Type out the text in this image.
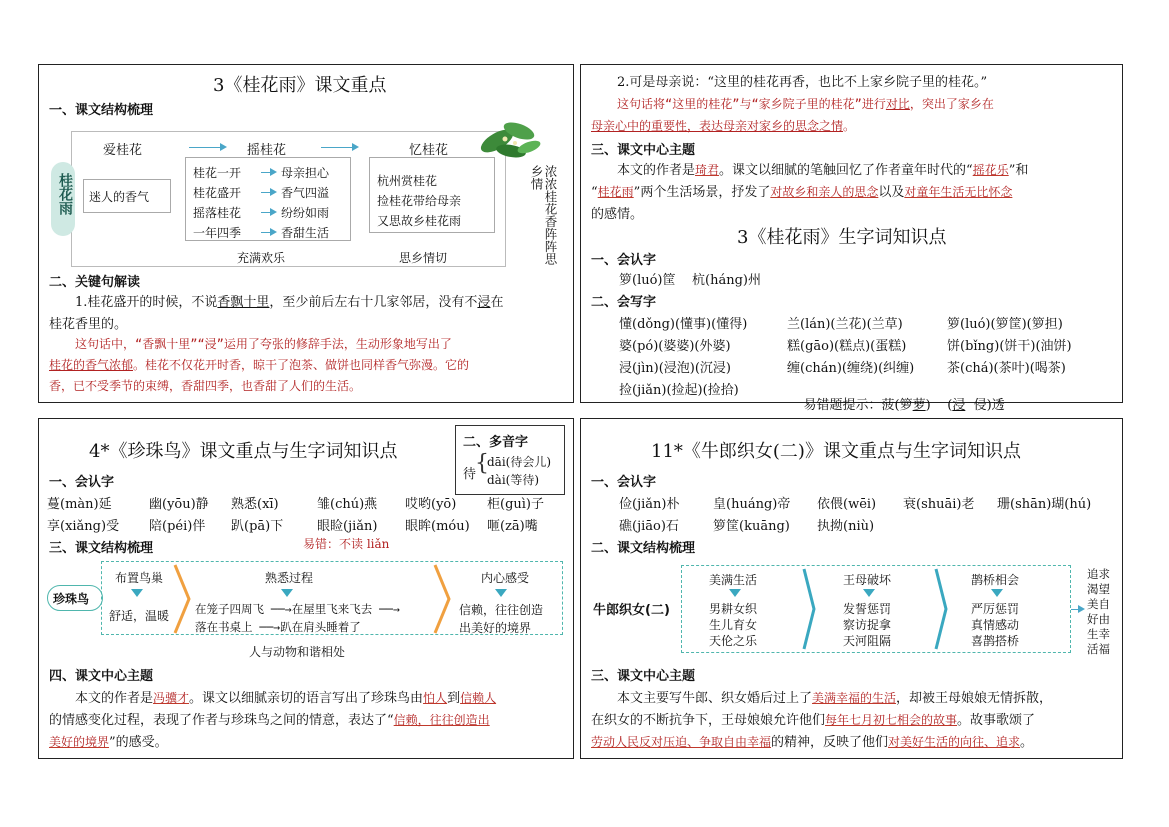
3《桂花雨》课文重点
一、课文结构梳理
桂花雨
爱桂花	摇桂花	忆桂花
迷人的香气
桂花一开
桂花盛开
摇落桂花
一年四季
母亲担心
香气四溢
纷纷如雨
香甜生活
杭州赏桂花
捡桂花带给母亲
又思故乡桂花雨
充满欢乐	思乡情切	浓浓桂花香阵阵思乡情
二、关键句解读
1.桂花盛开的时候，不说香飘十里，至少前后左右十几家邻居，没有不浸在
桂花香里的。
这句话中，“香飘十里”“浸”运用了夸张的修辞手法，生动形象地写出了
桂花的香气浓郁。桂花不仅花开时香，晾干了泡茶、做饼也同样香气弥漫。它的
香，已不受季节的束缚，香甜四季，也香甜了人们的生活。
2.可是母亲说：“这里的桂花再香，也比不上家乡院子里的桂花。”
这句话将“这里的桂花”与“家乡院子里的桂花”进行对比，突出了家乡在
母亲心中的重要性，表达母亲对家乡的思念之情。
三、课文中心主题
本文的作者是琦君。课文以细腻的笔触回忆了作者童年时代的“摇花乐”和
“桂花雨”两个生活场景，抒发了对故乡和亲人的思念以及对童年生活无比怀念
的感情。
3《桂花雨》生字词知识点
一、会认字
箩(luó)筐    杭(háng)州
二、会写字
懂(dǒng)(懂事)(懂得)	兰(lán)(兰花)(兰草)	箩(luó)(箩筐)(箩担)
婆(pó)(婆婆)(外婆)	糕(gāo)(糕点)(蛋糕)	饼(bǐng)(饼干)(油饼)
浸(jìn)(浸泡)(沉浸)	缠(chán)(缠绕)(纠缠)	茶(chá)(茶叶)(喝茶)
捡(jiǎn)(捡起)(捡拾)

易错题提示：菠(箩萝)    (浸  侵)透

4*《珍珠鸟》课文重点与生字词知识点	二、多音字
待
{
dāi(待会儿)
dài(等待)
一、会认字
蔓(màn)延	幽(yōu)静 熟悉(xī)	雏(chú)燕 哎哟(yō) 柜(guì)子
享(xiǎng)受 陪(péi)伴 趴(pā)下	眼睑(jiǎn) 眼眸(móu) 咂(zā)嘴
三、课文结构梳理	易错：不读 liǎn
珍珠鸟
布置鸟巢
舒适，温暖
熟悉过程
在笼子四周飞 ──→在屋里飞来飞去 ──→
落在书桌上 ──→趴在肩头睡着了
内心感受
信赖，往往创造
出美好的境界
人与动物和谐相处
四、课文中心主题
本文的作者是冯骥才。课文以细腻亲切的语言写出了珍珠鸟由怕人到信赖人
的情感变化过程，表现了作者与珍珠鸟之间的情意，表达了“信赖，往往创造出
美好的境界”的感受。
11*《牛郎织女(二)》课文重点与生字词知识点
一、会认字
俭(jiǎn)朴	皇(huáng)帝 依偎(wēi) 衰(shuāi)老 珊(shān)瑚(hú)
礁(jiāo)石	箩筐(kuāng) 执拗(niù)
二、课文结构梳理
牛郎织女(二)
美满生活
男耕女织
生儿育女
天伦之乐
王母破坏
发誓惩罚
察访捉拿
天河阻隔
鹊桥相会
严厉惩罚
真情感动
喜鹊搭桥
追求
渴望
美自
好由
生幸
活福
三、课文中心主题
本文主要写牛郎、织女婚后过上了美满幸福的生活，却被王母娘娘无情拆散，
在织女的不断抗争下，王母娘娘允许他们每年七月初七相会的故事。故事歌颂了
劳动人民反对压迫、争取自由幸福的精神，反映了他们对美好生活的向往、追求。
